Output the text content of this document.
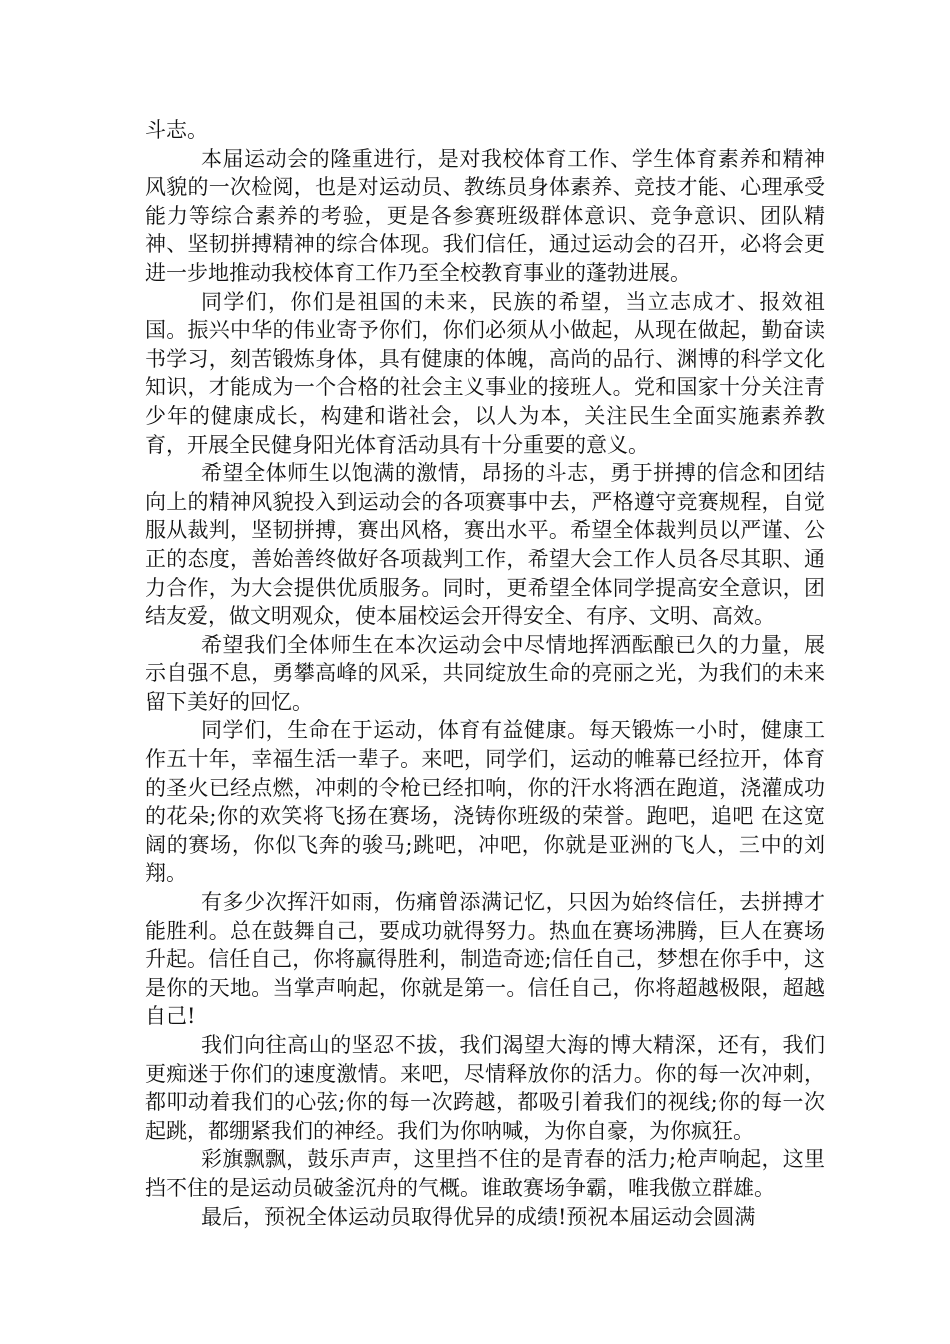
斗志。

本届运动会的隆重进行，是对我校体育工作、学生体育素养和精神风貌的一次检阅，也是对运动员、教练员身体素养、竞技才能、心理承受能力等综合素养的考验，更是各参赛班级群体意识、竞争意识、团队精神、坚韧拼搏精神的综合体现。我们信任，通过运动会的召开，必将会更进一步地推动我校体育工作乃至全校教育事业的蓬勃进展。

同学们，你们是祖国的未来，民族的希望，当立志成才、报效祖国。振兴中华的伟业寄予你们，你们必须从小做起，从现在做起，勤奋读书学习，刻苦锻炼身体，具有健康的体魄，高尚的品行、渊博的科学文化知识，才能成为一个合格的社会主义事业的接班人。党和国家十分关注青少年的健康成长，构建和谐社会，以人为本，关注民生全面实施素养教育，开展全民健身阳光体育活动具有十分重要的意义。

希望全体师生以饱满的激情，昂扬的斗志，勇于拼搏的信念和团结向上的精神风貌投入到运动会的各项赛事中去，严格遵守竞赛规程，自觉服从裁判，坚韧拼搏，赛出风格，赛出水平。希望全体裁判员以严谨、公正的态度，善始善终做好各项裁判工作，希望大会工作人员各尽其职、通力合作，为大会提供优质服务。同时，更希望全体同学提高安全意识，团结友爱，做文明观众，使本届校运会开得安全、有序、文明、高效。

希望我们全体师生在本次运动会中尽情地挥洒酝酿已久的力量，展示自强不息，勇攀高峰的风采，共同绽放生命的亮丽之光，为我们的未来留下美好的回忆。

同学们，生命在于运动，体育有益健康。每天锻炼一小时，健康工作五十年，幸福生活一辈子。来吧，同学们，运动的帷幕已经拉开，体育的圣火已经点燃，冲刺的令枪已经扣响，你的汗水将洒在跑道，浇灌成功的花朵;你的欢笑将飞扬在赛场，浇铸你班级的荣誉。跑吧，追吧 在这宽阔的赛场，你似飞奔的骏马;跳吧，冲吧，你就是亚洲的飞人，三中的刘翔。

有多少次挥汗如雨，伤痛曾添满记忆，只因为始终信任，去拼搏才能胜利。总在鼓舞自己，要成功就得努力。热血在赛场沸腾，巨人在赛场升起。信任自己，你将赢得胜利，制造奇迹;信任自己，梦想在你手中，这是你的天地。当掌声响起，你就是第一。信任自己，你将超越极限，超越自己!

我们向往高山的坚忍不拔，我们渴望大海的博大精深，还有，我们更痴迷于你们的速度激情。来吧，尽情释放你的活力。你的每一次冲刺，都叩动着我们的心弦;你的每一次跨越，都吸引着我们的视线;你的每一次起跳，都绷紧我们的神经。我们为你呐喊，为你自豪，为你疯狂。

彩旗飘飘，鼓乐声声，这里挡不住的是青春的活力;枪声响起，这里挡不住的是运动员破釜沉舟的气概。谁敢赛场争霸，唯我傲立群雄。

最后，预祝全体运动员取得优异的成绩!预祝本届运动会圆满
